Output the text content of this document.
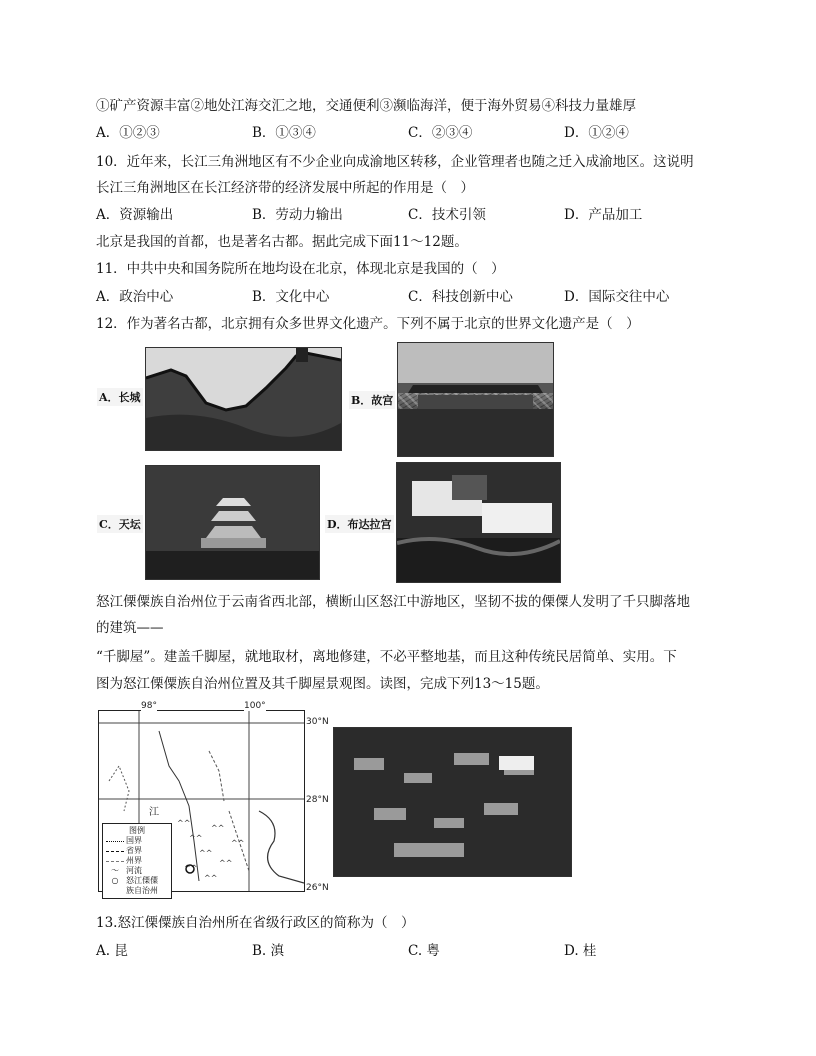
①矿产资源丰富②地处江海交汇之地，交通便利③濒临海洋，便于海外贸易④科技力量雄厚
A．①②③	B．①③④	C．②③④	D．①②④
10．近年来，长江三角洲地区有不少企业向成渝地区转移，企业管理者也随之迁入成渝地区。这说明
长江三角洲地区在长江经济带的经济发展中所起的作用是（　）
A．资源输出	B．劳动力输出	C．技术引领	D．产品加工
北京是我国的首都，也是著名古都。据此完成下面11～12题。
11．中共中央和国务院所在地均设在北京，体现北京是我国的（　）
A．政治中心	B．文化中心	C．科技创新中心	D．国际交往中心
12．作为著名古都，北京拥有众多世界文化遗产。下列不属于北京的世界文化遗产是（　）
A．长城	B．故宫
C．天坛	D．布达拉宫
怒江傈僳族自治州位于云南省西北部，横断山区怒江中游地区，坚韧不拔的傈僳人发明了千只脚落地
的建筑——
“千脚屋”。建盖千脚屋，就地取材，离地修建，不必平整地基，而且这种传统民居简单、实用。下
图为怒江傈僳族自治州位置及其千脚屋景观图。读图，完成下列13～15题。
^^
^^
^^
^^
^^
^^
^^
^^
98°	100°
30°N
28°N
26°N
江
图例
国界
省界
州界
〜 河流
○ 怒江傈僳
族自治州
13.怒江傈僳族自治州所在省级行政区的简称为（　）
A. 昆	B. 滇	C. 粤	D. 桂
